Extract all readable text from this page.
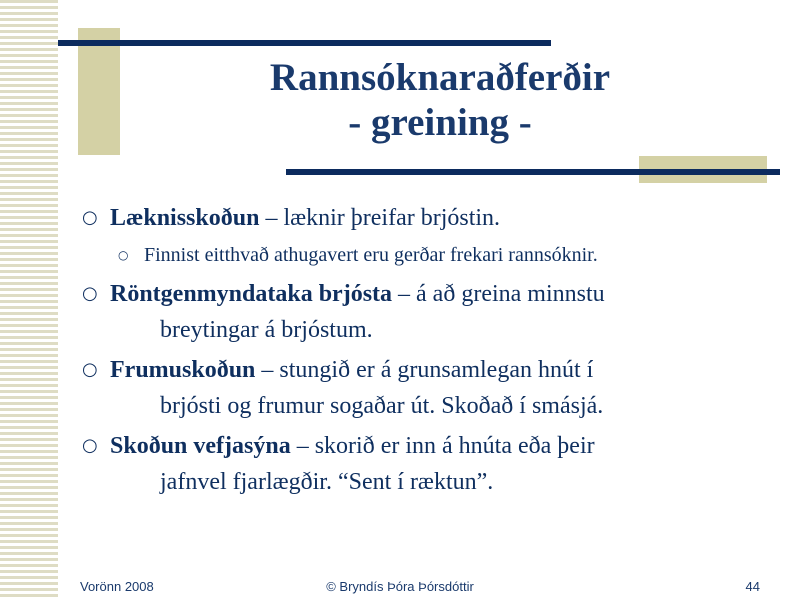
Rannsóknaraðferðir
- greining -
○ Læknisskoðun – læknir þreifar brjóstin.
○ Finnist eitthvað athugavert eru gerðar frekari rannsóknir.
○ Röntgenmyndataka brjósta – á að greina minnstu
breytingar á brjóstum.
○ Frumuskoðun – stungið er á grunsamlegan hnút í
brjósti og frumur sogaðar út. Skoðað í smásjá.
○ Skoðun vefjasýna – skorið er inn á hnúta eða þeir
jafnvel fjarlægðir. “Sent í ræktun”.
Vorönn 2008	© Bryndís Þóra Þórsdóttir	44
